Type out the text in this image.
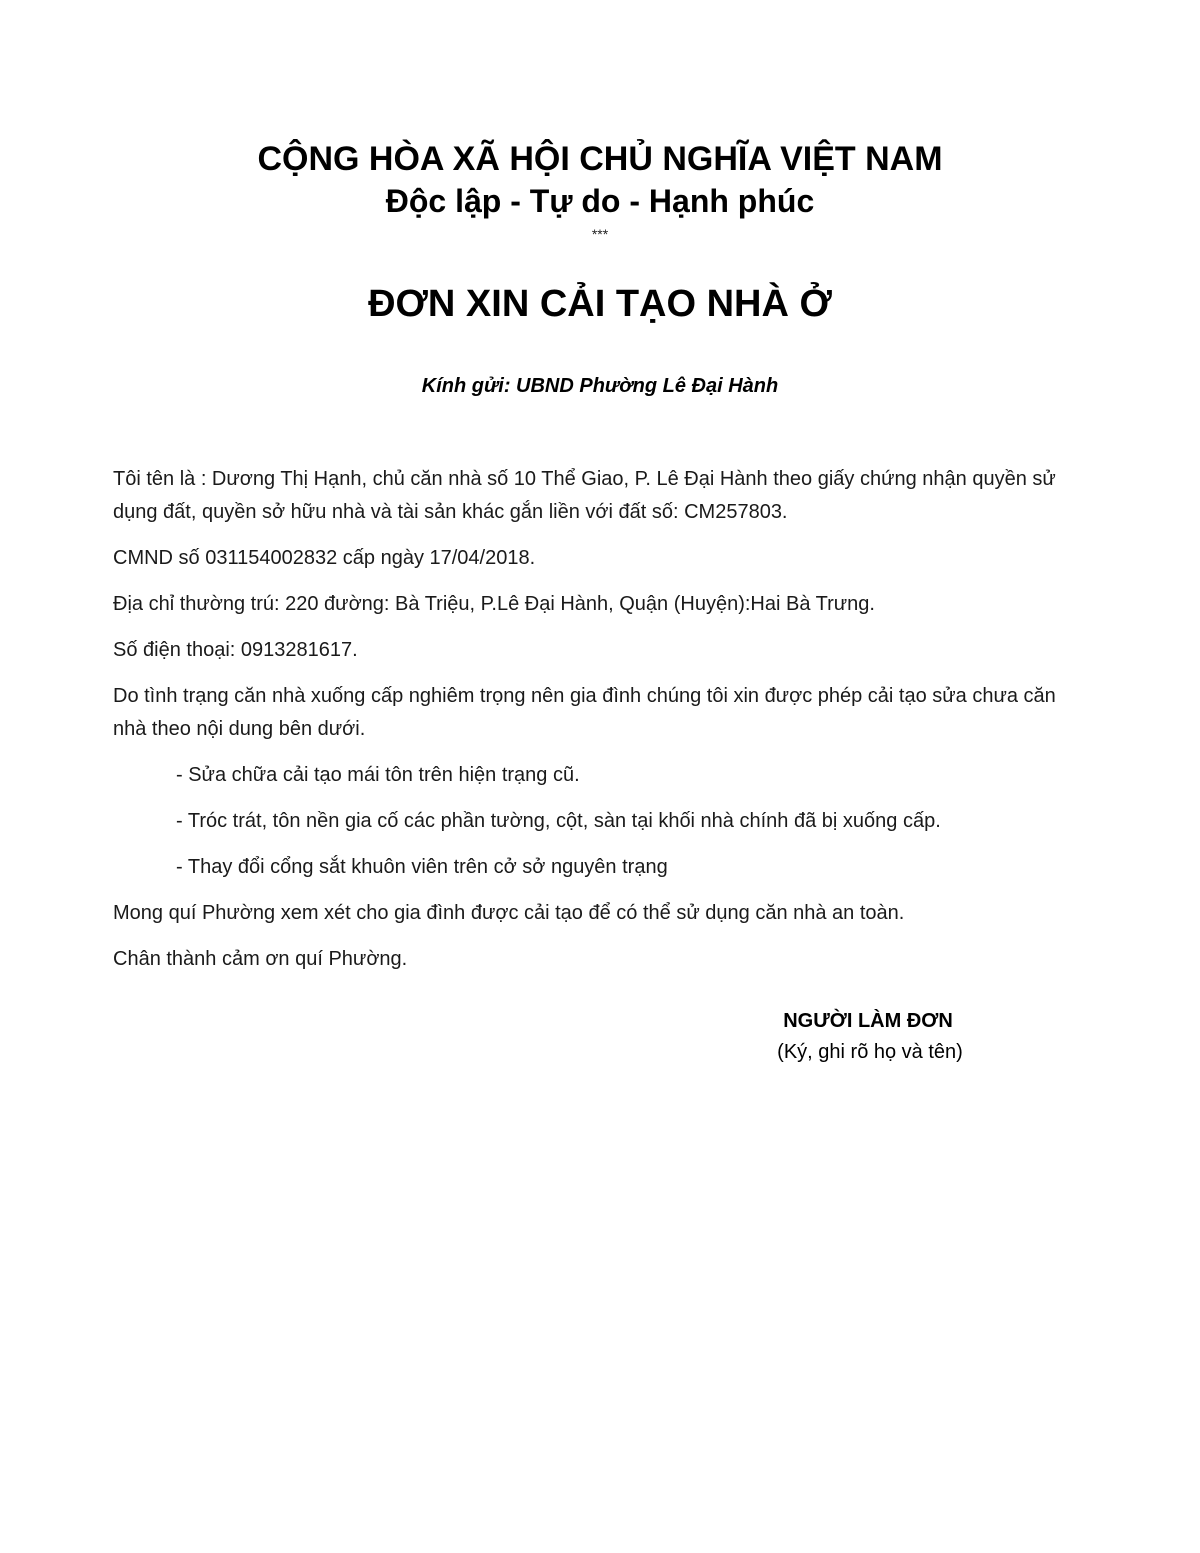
CỘNG HÒA XÃ HỘI CHỦ NGHĨA VIỆT NAM
Độc lập - Tự do - Hạnh phúc
***
ĐƠN XIN CẢI TẠO NHÀ Ở
Kính gửi: UBND Phường Lê Đại Hành

Tôi tên là : Dương Thị Hạnh, chủ căn nhà số 10 Thể Giao, P. Lê Đại Hành theo giấy chứng nhận quyền sử dụng đất, quyền sở hữu nhà và tài sản khác gắn liền với đất số: CM257803.

CMND số 031154002832 cấp ngày 17/04/2018.

Địa chỉ thường trú: 220 đường: Bà Triệu, P.Lê Đại Hành, Quận (Huyện):Hai Bà Trưng.

Số điện thoại: 0913281617.

Do tình trạng căn nhà xuống cấp nghiêm trọng nên gia đình chúng tôi xin được phép cải tạo sửa chưa căn nhà theo nội dung bên dưới.

- Sửa chữa cải tạo mái tôn trên hiện trạng cũ.

- Tróc trát, tôn nền gia cố các phần tường, cột, sàn tại khối nhà chính đã bị xuống cấp.

- Thay đổi cổng sắt khuôn viên trên cở sở nguyên trạng

Mong quí Phường xem xét cho gia đình được cải tạo để có thể sử dụng căn nhà an toàn.

Chân thành cảm ơn quí Phường.

NGƯỜI LÀM ĐƠN
(Ký, ghi rõ họ và tên)
